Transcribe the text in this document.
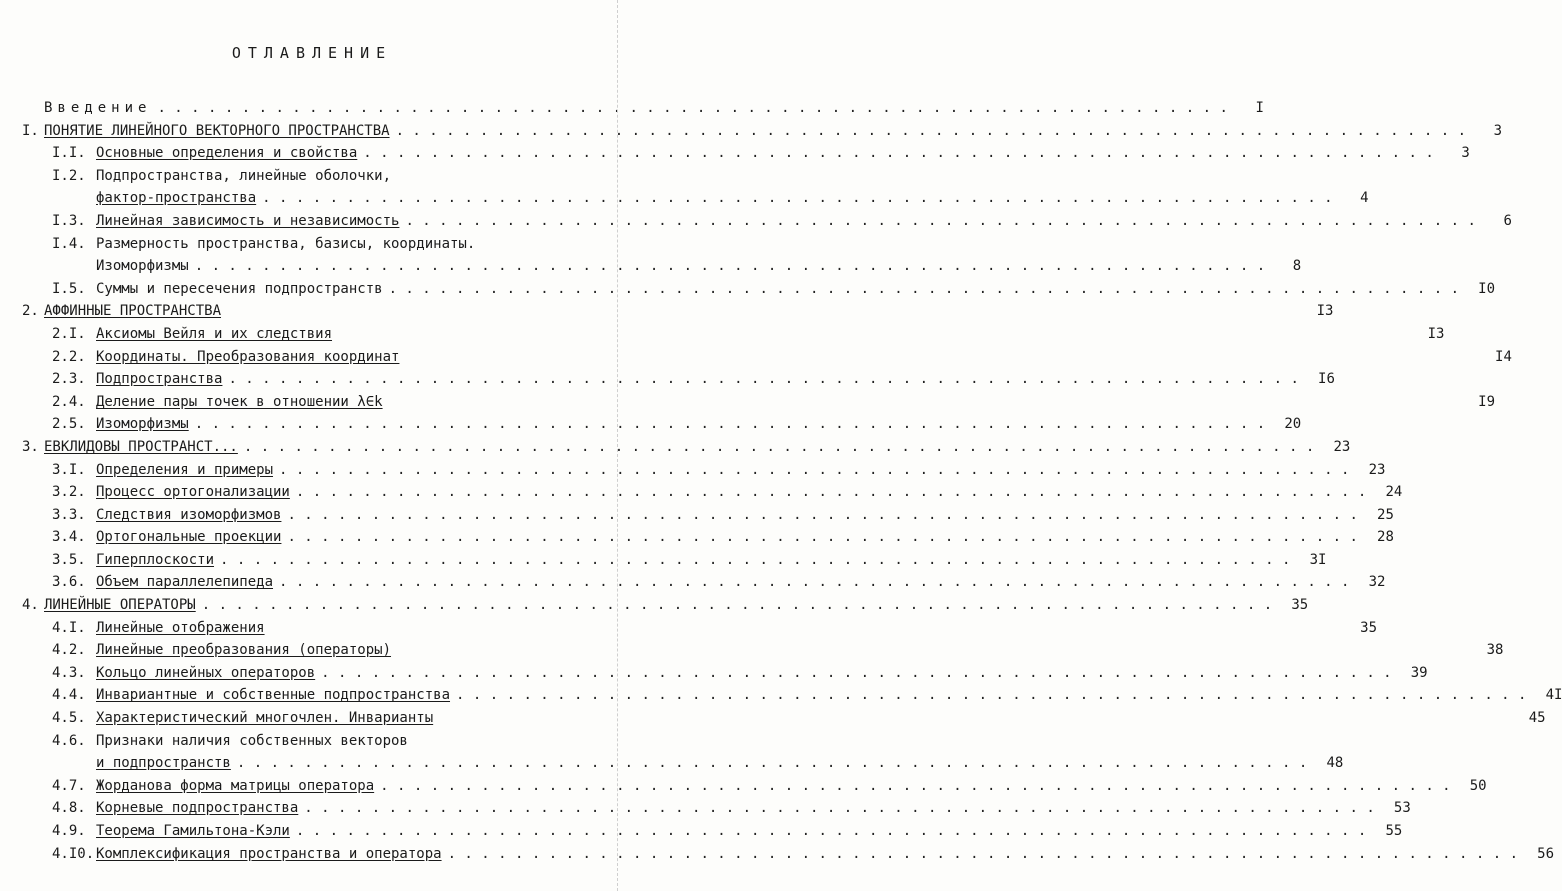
ОТЛАВЛЕНИЕ
Введение . . .	I
I. ПОНЯТИЕ ЛИНЕЙНОГО ВЕКТОРНОГО ПРОСТРАНСТВА . . .	3
I.I. Основные определения и свойства . . .	3
I.2. Подпространства, линейные оболочки,
фактор-пространства . . .	4
I.3. Линейная зависимость и независимость . . .	6
I.4. Размерность пространства, базисы, координаты.
Изоморфизмы . . .	8
I.5. Суммы и пересечения подпространств . . .	I0
2. АФФИННЫЕ ПРОСТРАНСТВА	I3
2.I. Аксиомы Вейля и их следствия	I3
2.2. Координаты. Преобразования координат	I4
2.3. Подпространства . . .	I6
2.4. Деление пары точек в отношении λ∈k	I9
2.5. Изоморфизмы . . .	20
3. ЕВКЛИДОВЫ ПРОСТРАНСТ... . . .	23
3.I. Определения и примеры . . .	23
3.2. Процесс ортогонализации . . .	24
3.3. Следствия изоморфизмов . . .	25
3.4. Ортогональные проекции . . .	28
3.5. Гиперплоскости . . .	3I
3.6. Объем параллелепипеда . . .	32
4. ЛИНЕЙНЫЕ ОПЕРАТОРЫ . . .	35
4.I. Линейные отображения	35
4.2. Линейные преобразования (операторы)	38
4.3. Кольцо линейных операторов . . .	39
4.4. Инвариантные и собственные подпространства . . .	4I
4.5. Характеристический многочлен. Инварианты	45
4.6. Признаки наличия собственных векторов
и подпространств . . .	48
4.7. Жорданова форма матрицы оператора . . .	50
4.8. Корневые подпространства . . .	53
4.9. Теорема Гамильтона-Кэли . . .	55
4.I0. Комплексификация пространства и оператора . . .	56
